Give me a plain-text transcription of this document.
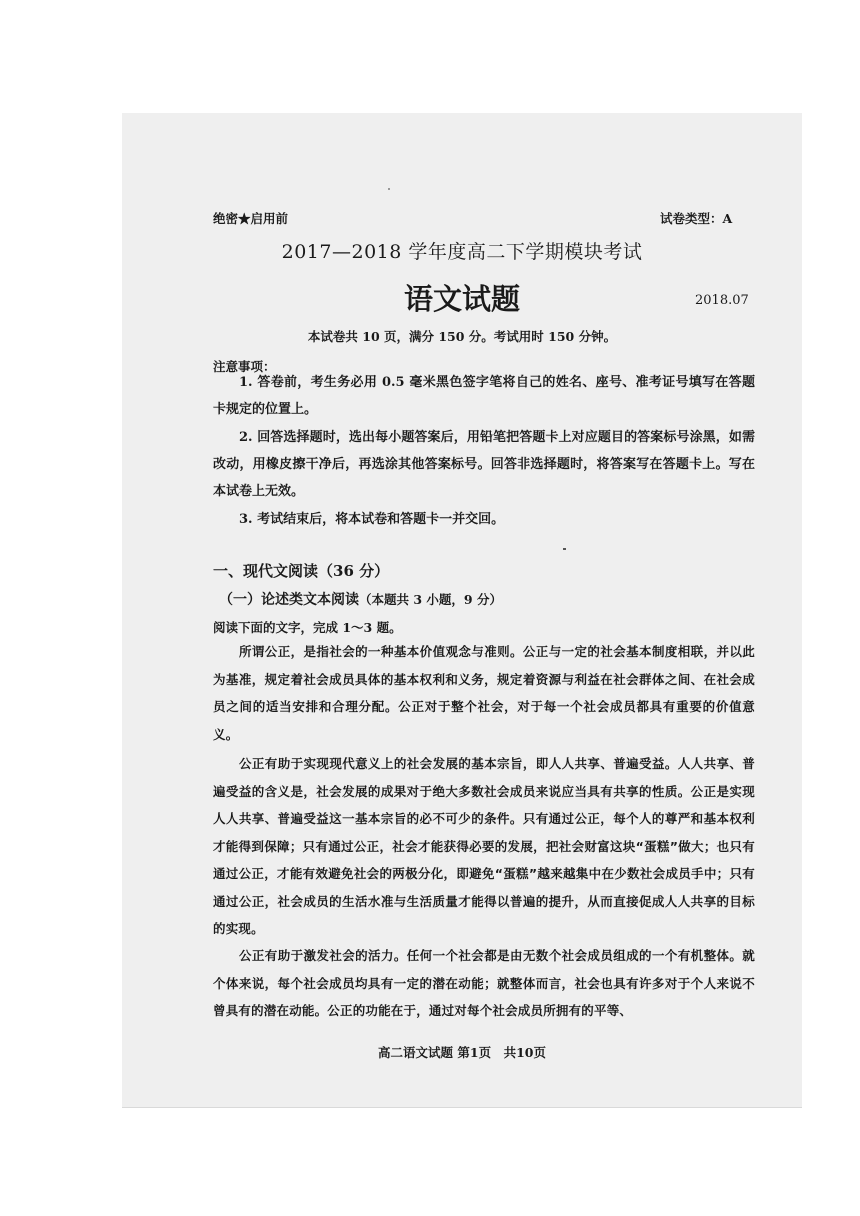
绝密★启用前	试卷类型：A
2017—2018 学年度高二下学期模块考试
语文试题	2018.07
本试卷共 10 页，满分 150 分。考试用时 150 分钟。
注意事项：
1. 答卷前，考生务必用 0.5 毫米黑色签字笔将自己的姓名、座号、准考证号填写在答题卡规定的位置上。
2. 回答选择题时，选出每小题答案后，用铅笔把答题卡上对应题目的答案标号涂黑，如需改动，用橡皮擦干净后，再选涂其他答案标号。回答非选择题时，将答案写在答题卡上。写在本试卷上无效。
3. 考试结束后，将本试卷和答题卡一并交回。
一、现代文阅读（36 分）
（一）论述类文本阅读（本题共 3 小题，9 分）
阅读下面的文字，完成 1～3 题。
所谓公正，是指社会的一种基本价值观念与准则。公正与一定的社会基本制度相联，并以此为基准，规定着社会成员具体的基本权利和义务，规定着资源与利益在社会群体之间、在社会成员之间的适当安排和合理分配。公正对于整个社会，对于每一个社会成员都具有重要的价值意义。
公正有助于实现现代意义上的社会发展的基本宗旨，即人人共享、普遍受益。人人共享、普遍受益的含义是，社会发展的成果对于绝大多数社会成员来说应当具有共享的性质。公正是实现人人共享、普遍受益这一基本宗旨的必不可少的条件。只有通过公正，每个人的尊严和基本权利才能得到保障；只有通过公正，社会才能获得必要的发展，把社会财富这块“蛋糕”做大；也只有通过公正，才能有效避免社会的两极分化，即避免“蛋糕”越来越集中在少数社会成员手中；只有通过公正，社会成员的生活水准与生活质量才能得以普遍的提升，从而直接促成人人共享的目标的实现。
公正有助于激发社会的活力。任何一个社会都是由无数个社会成员组成的一个有机整体。就个体来说，每个社会成员均具有一定的潜在动能；就整体而言，社会也具有许多对于个人来说不曾具有的潜在动能。公正的功能在于，通过对每个社会成员所拥有的平等、
高二语文试题 第1页　共10页
